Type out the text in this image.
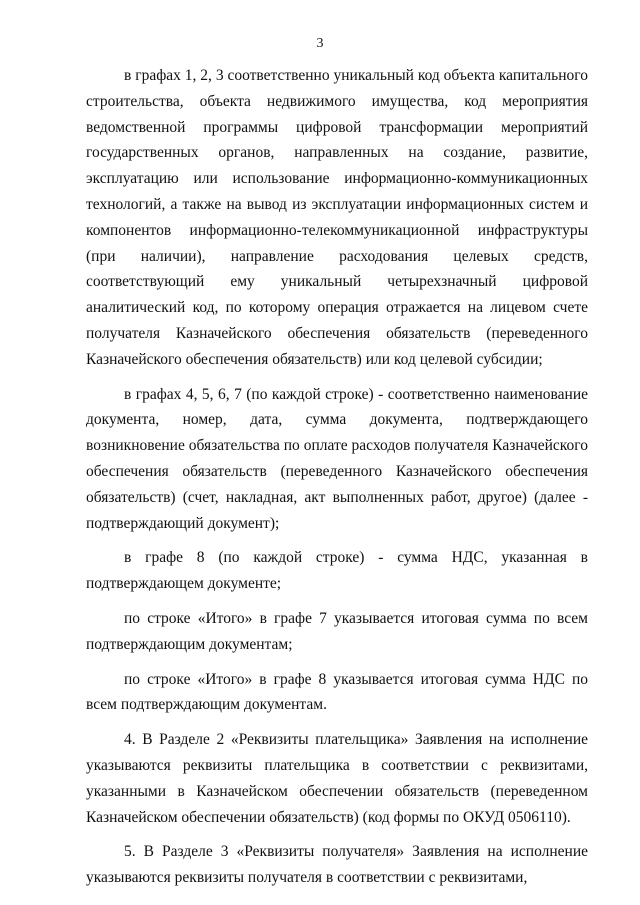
3

в графах 1, 2, 3 соответственно уникальный код объекта капитального строительства, объекта недвижимого имущества, код мероприятия ведомственной программы цифровой трансформации мероприятий государственных органов, направленных на создание, развитие, эксплуатацию или использование информационно-коммуникационных технологий, а также на вывод из эксплуатации информационных систем и компонентов информационно-телекоммуникационной инфраструктуры (при наличии), направление расходования целевых средств, соответствующий ему уникальный четырехзначный цифровой аналитический код, по которому операция отражается на лицевом счете получателя Казначейского обеспечения обязательств (переведенного Казначейского обеспечения обязательств) или код целевой субсидии;

в графах 4, 5, 6, 7 (по каждой строке) - соответственно наименование документа, номер, дата, сумма документа, подтверждающего возникновение обязательства по оплате расходов получателя Казначейского обеспечения обязательств (переведенного Казначейского обеспечения обязательств) (счет, накладная, акт выполненных работ, другое) (далее - подтверждающий документ);

в графе 8 (по каждой строке) - сумма НДС, указанная в подтверждающем документе;

по строке «Итого» в графе 7 указывается итоговая сумма по всем подтверждающим документам;

по строке «Итого» в графе 8 указывается итоговая сумма НДС по всем подтверждающим документам.

4. В Разделе 2 «Реквизиты плательщика» Заявления на исполнение указываются реквизиты плательщика в соответствии с реквизитами, указанными в Казначейском обеспечении обязательств (переведенном Казначейском обеспечении обязательств) (код формы по ОКУД 0506110).

5. В Разделе 3 «Реквизиты получателя» Заявления на исполнение указываются реквизиты получателя в соответствии с реквизитами,
